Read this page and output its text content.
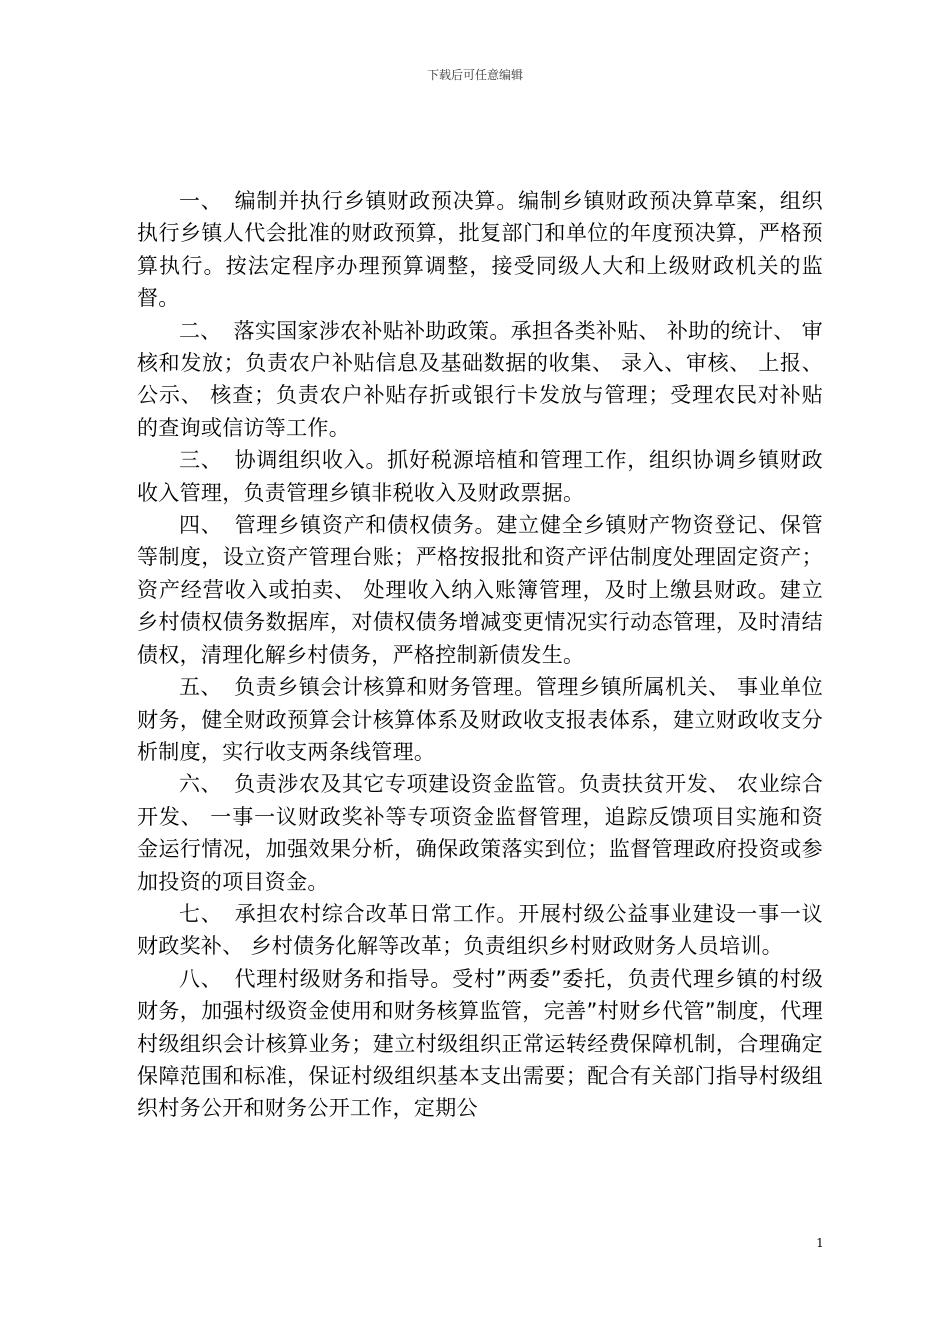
下载后可任意编辑

一、 编制并执行乡镇财政预决算。编制乡镇财政预决算草案，组织执行乡镇人代会批准的财政预算，批复部门和单位的年度预决算，严格预算执行。按法定程序办理预算调整，接受同级人大和上级财政机关的监督。

二、 落实国家涉农补贴补助政策。承担各类补贴、 补助的统计、 审核和发放；负责农户补贴信息及基础数据的收集、 录入、审核、 上报、 公示、 核查；负责农户补贴存折或银行卡发放与管理；受理农民对补贴的查询或信访等工作。

三、 协调组织收入。抓好税源培植和管理工作，组织协调乡镇财政收入管理，负责管理乡镇非税收入及财政票据。

四、 管理乡镇资产和债权债务。建立健全乡镇财产物资登记、保管等制度，设立资产管理台账；严格按报批和资产评估制度处理固定资产；资产经营收入或拍卖、 处理收入纳入账簿管理，及时上缴县财政。建立乡村债权债务数据库，对债权债务增减变更情况实行动态管理，及时清结债权，清理化解乡村债务，严格控制新债发生。

五、 负责乡镇会计核算和财务管理。管理乡镇所属机关、 事业单位财务，健全财政预算会计核算体系及财政收支报表体系，建立财政收支分析制度，实行收支两条线管理。

六、 负责涉农及其它专项建设资金监管。负责扶贫开发、 农业综合开发、 一事一议财政奖补等专项资金监督管理，追踪反馈项目实施和资金运行情况，加强效果分析，确保政策落实到位；监督管理政府投资或参加投资的项目资金。

七、 承担农村综合改革日常工作。开展村级公益事业建设一事一议财政奖补、 乡村债务化解等改革；负责组织乡村财政财务人员培训。

八、 代理村级财务和指导。受村”两委”委托，负责代理乡镇的村级财务，加强村级资金使用和财务核算监管，完善”村财乡代管”制度，代理村级组织会计核算业务；建立村级组织正常运转经费保障机制，合理确定保障范围和标准，保证村级组织基本支出需要；配合有关部门指导村级组织村务公开和财务公开工作，定期公

1
